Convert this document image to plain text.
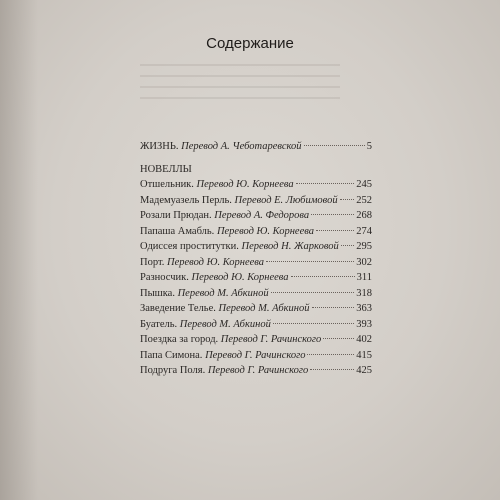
Содержание
ЖИЗНЬ. Перевод А. Чеботаревской	5
НОВЕЛЛЫ
Отшельник. Перевод Ю. Корнеева	245
Мадемуазель Перль. Перевод Е. Любимовой 252
Розали Прюдан. Перевод А. Федорова	268
Папаша Амабль. Перевод Ю. Корнеева	274
Одиссея проститутки. Перевод Н. Жарковой 295
Порт. Перевод Ю. Корнеева	302
Разносчик. Перевод Ю. Корнеева	311
Пышка. Перевод М. Абкиной	318
Заведение Телье. Перевод М. Абкиной	363
Буатель. Перевод М. Абкиной	393
Поездка за город. Перевод Г. Рачинского	402
Папа Симона. Перевод Г. Рачинского	415
Подруга Поля. Перевод Г. Рачинского	425
